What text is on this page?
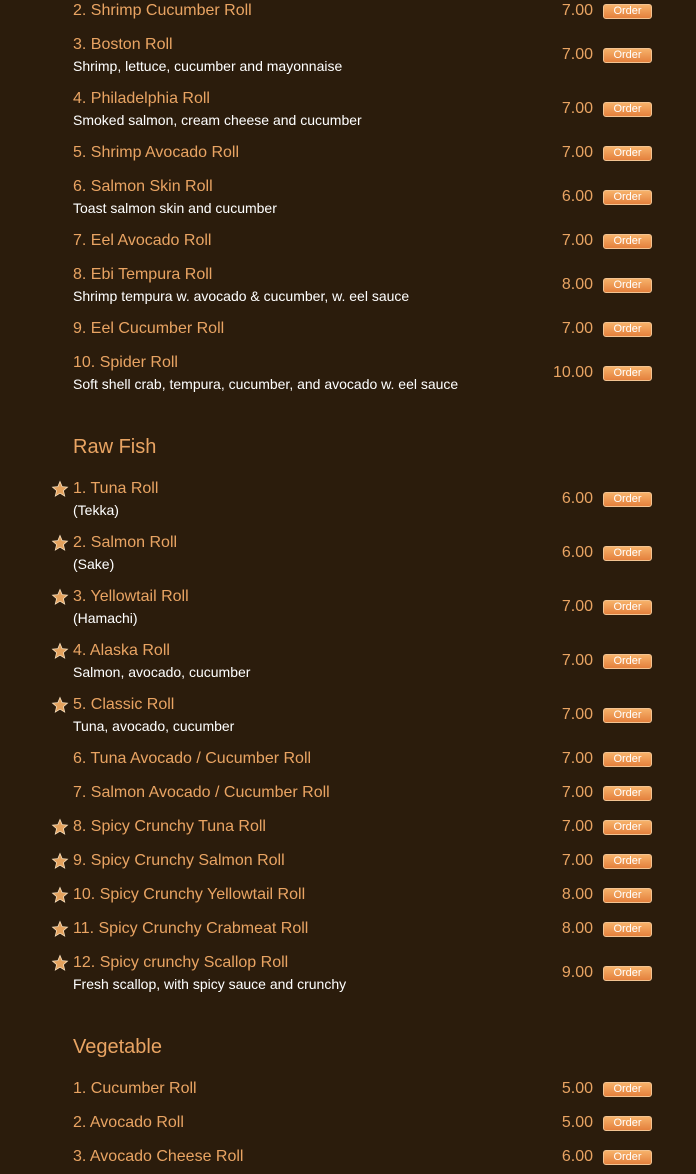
2. Shrimp Cucumber Roll	7.00	Order
3. Boston Roll
Shrimp, lettuce, cucumber and mayonnaise
7.00	Order
4. Philadelphia Roll
Smoked salmon, cream cheese and cucumber
7.00	Order
5. Shrimp Avocado Roll	7.00	Order
6. Salmon Skin Roll
Toast salmon skin and cucumber
6.00	Order
7. Eel Avocado Roll	7.00	Order
8. Ebi Tempura Roll
Shrimp tempura w. avocado & cucumber, w. eel sauce
8.00	Order
9. Eel Cucumber Roll	7.00	Order
10. Spider Roll
Soft shell crab, tempura, cucumber, and avocado w. eel sauce
10.00	Order
Raw Fish
1. Tuna Roll
(Tekka)
6.00	Order
2. Salmon Roll
(Sake)
6.00	Order
3. Yellowtail Roll
(Hamachi)
7.00	Order
4. Alaska Roll
Salmon, avocado, cucumber
7.00	Order
5. Classic Roll
Tuna, avocado, cucumber
7.00	Order
6. Tuna Avocado / Cucumber Roll	7.00	Order
7. Salmon Avocado / Cucumber Roll	7.00	Order
8. Spicy Crunchy Tuna Roll	7.00	Order
9. Spicy Crunchy Salmon Roll	7.00	Order
10. Spicy Crunchy Yellowtail Roll	8.00	Order
11. Spicy Crunchy Crabmeat Roll	8.00	Order
12. Spicy crunchy Scallop Roll
Fresh scallop, with spicy sauce and crunchy
9.00	Order
Vegetable
1. Cucumber Roll	5.00	Order
2. Avocado Roll	5.00	Order
3. Avocado Cheese Roll	6.00	Order
